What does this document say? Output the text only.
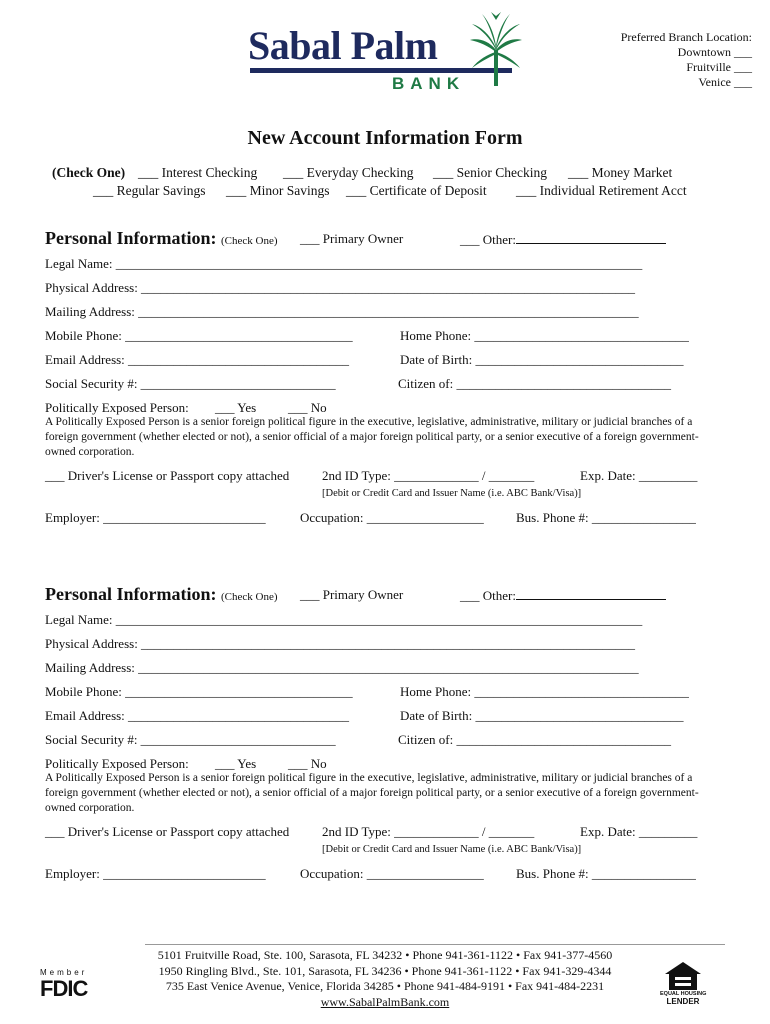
Sabal Palm
BANK
Preferred Branch Location:
Downtown ___
Fruitville ___
Venice ___
New Account Information Form
(Check One) ___ Interest Checking ___ Everyday Checking ___ Senior Checking ___ Money Market
___ Regular Savings ___ Minor Savings ___ Certificate of Deposit ___ Individual Retirement Acct
Personal Information: (Check One) ___ Primary Owner	___ Other:
Legal Name: _________________________________________________________________________________
Physical Address: ____________________________________________________________________________
Mailing Address: _____________________________________________________________________________
Mobile Phone: ___________________________________	Home Phone: _________________________________
Email Address: __________________________________	Date of Birth: ________________________________
Social Security #: ______________________________	Citizen of: _________________________________
Politically Exposed Person: ___ Yes ___ No
A Politically Exposed Person is a senior foreign political figure in the executive, legislative, administrative, military or judicial branches of a foreign government (whether elected or not), a senior official of a major foreign political party, or a senior executive of a foreign government-owned corporation.
___ Driver's License or Passport copy attached	2nd ID Type: _____________ / _______	Exp. Date: _________
[Debit or Credit Card and Issuer Name (i.e. ABC Bank/Visa)]
Employer: _________________________	Occupation: __________________ Bus. Phone #: ________________
Personal Information: (Check One) ___ Primary Owner	___ Other:
Legal Name: _________________________________________________________________________________
Physical Address: ____________________________________________________________________________
Mailing Address: _____________________________________________________________________________
Mobile Phone: ___________________________________	Home Phone: _________________________________
Email Address: __________________________________	Date of Birth: ________________________________
Social Security #: ______________________________	Citizen of: _________________________________
Politically Exposed Person: ___ Yes ___ No
A Politically Exposed Person is a senior foreign political figure in the executive, legislative, administrative, military or judicial branches of a foreign government (whether elected or not), a senior official of a major foreign political party, or a senior executive of a foreign government-owned corporation.
___ Driver's License or Passport copy attached	2nd ID Type: _____________ / _______	Exp. Date: _________
[Debit or Credit Card and Issuer Name (i.e. ABC Bank/Visa)]
Employer: _________________________	Occupation: __________________ Bus. Phone #: ________________
5101 Fruitville Road, Ste. 100, Sarasota, FL 34232 • Phone 941-361-1122 • Fax 941-377-4560
1950 Ringling Blvd., Ste. 101, Sarasota, FL 34236 • Phone 941-361-1122 • Fax 941-329-4344
735 East Venice Avenue, Venice, Florida 34285 • Phone 941-484-9191 • Fax 941-484-2231
www.SabalPalmBank.com
Member
FDIC	EQUAL HOUSING
LENDER
